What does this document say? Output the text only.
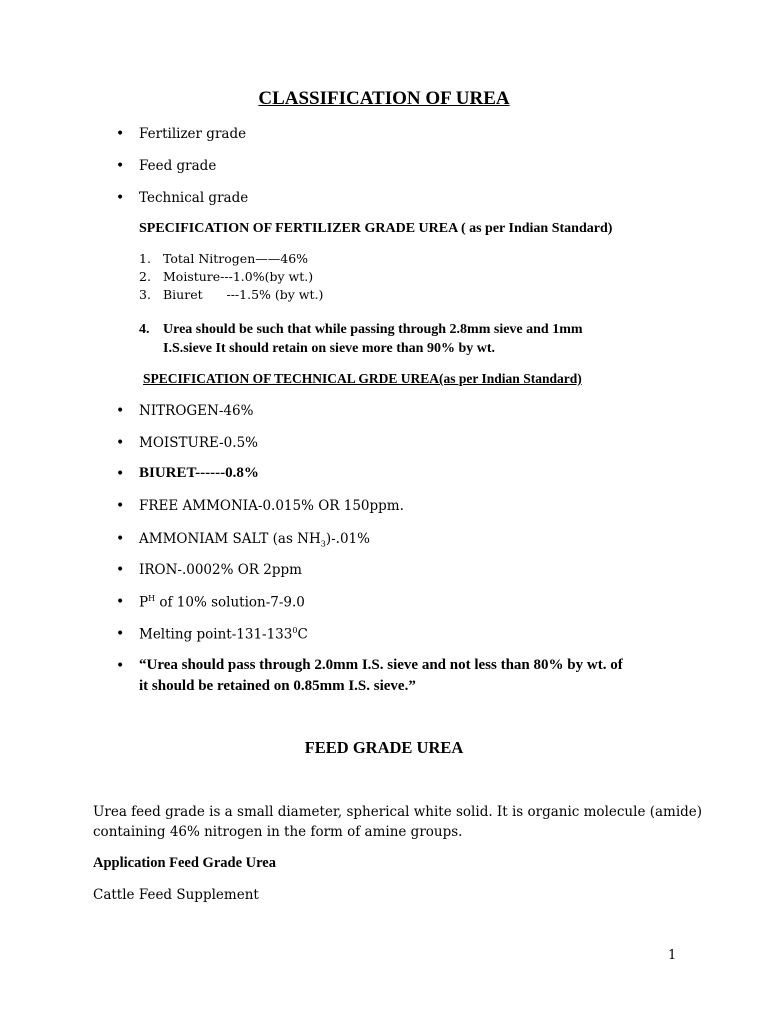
CLASSIFICATION OF UREA
• Fertilizer grade
• Feed grade
• Technical grade
SPECIFICATION OF FERTILIZER GRADE UREA ( as per Indian Standard)
1. Total Nitrogen——46%
2. Moisture---1.0%(by wt.)
3. Biuret      ---1.5% (by wt.)
4. Urea should be such that while passing through 2.8mm sieve and 1mm
I.S.sieve It should retain on sieve more than 90% by wt.
SPECIFICATION OF TECHNICAL GRDE UREA(as per Indian Standard)
• NITROGEN-46%
• MOISTURE-0.5%
• BIURET------0.8%
• FREE AMMONIA-0.015% OR 150ppm.
• AMMONIAM SALT (as $NH_3)-.01\%$
• IRON-.0002% OR 2ppm
• $P^H$ of 10% solution-7-9.0
• Melting point-$131-133^0C$
• “Urea should pass through 2.0mm I.S. sieve and not less than 80% by wt. of
it should be retained on 0.85mm I.S. sieve.”
FEED GRADE UREA
Urea feed grade is a small diameter, spherical white solid. It is organic molecule (amide)
containing 46% nitrogen in the form of amine groups.
Application Feed Grade Urea
Cattle Feed Supplement
1
